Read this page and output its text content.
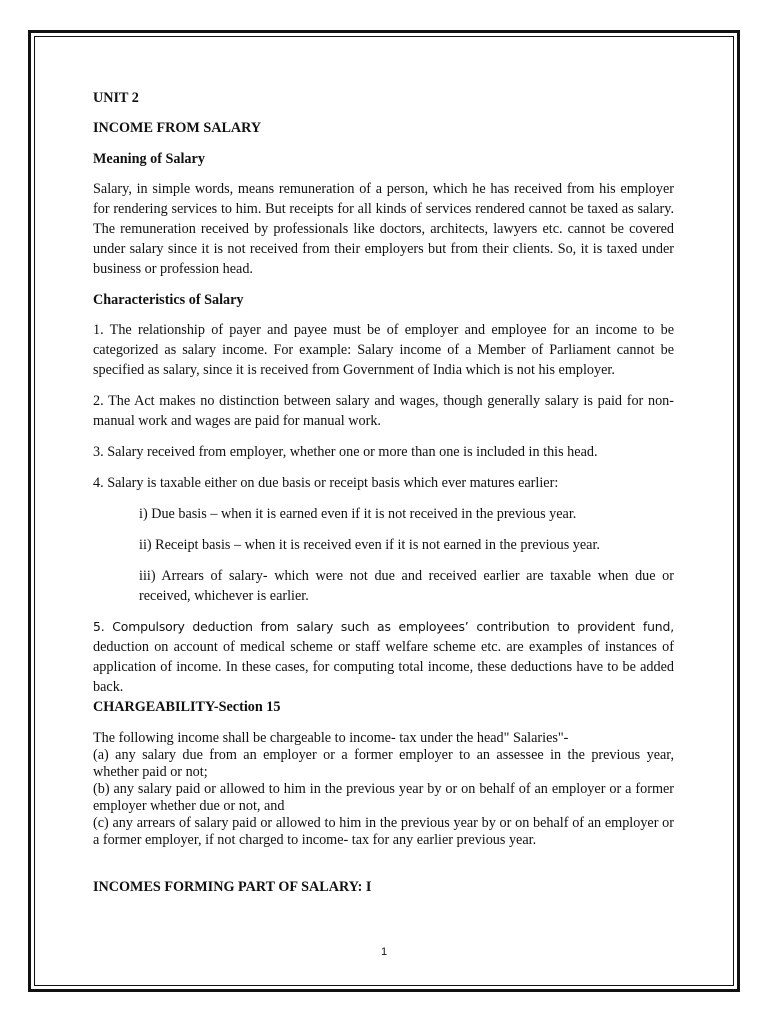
UNIT 2
INCOME FROM SALARY
Meaning of Salary

Salary, in simple words, means remuneration of a person, which he has received from his employer for rendering services to him. But receipts for all kinds of services rendered cannot be taxed as salary. The remuneration received by professionals like doctors, architects, lawyers etc. cannot be covered under salary since it is not received from their employers but from their clients. So, it is taxed under business or profession head.

Characteristics of Salary

1. The relationship of payer and payee must be of employer and employee for an income to be categorized as salary income. For example: Salary income of a Member of Parliament cannot be specified as salary, since it is received from Government of India which is not his employer.

2. The Act makes no distinction between salary and wages, though generally salary is paid for non-manual work and wages are paid for manual work.

3. Salary received from employer, whether one or more than one is included in this head.

4. Salary is taxable either on due basis or receipt basis which ever matures earlier:

i) Due basis – when it is earned even if it is not received in the previous year.

ii) Receipt basis – when it is received even if it is not earned in the previous year.

iii) Arrears of salary- which were not due and received earlier are taxable when due or received, whichever is earlier.

5. Compulsory deduction from salary such as employees’ contribution to provident fund, deduction on account of medical scheme or staff welfare scheme etc. are examples of instances of application of income. In these cases, for computing total income, these deductions have to be added back.

CHARGEABILITY-Section 15

The following income shall be chargeable to income- tax under the head" Salaries"-

(a) any salary due from an employer or a former employer to an assessee in the previous year, whether paid or not;

(b) any salary paid or allowed to him in the previous year by or on behalf of an employer or a former employer whether due or not, and

(c) any arrears of salary paid or allowed to him in the previous year by or on behalf of an employer or a former employer, if not charged to income- tax for any earlier previous year.

INCOMES FORMING PART OF SALARY: I
1
